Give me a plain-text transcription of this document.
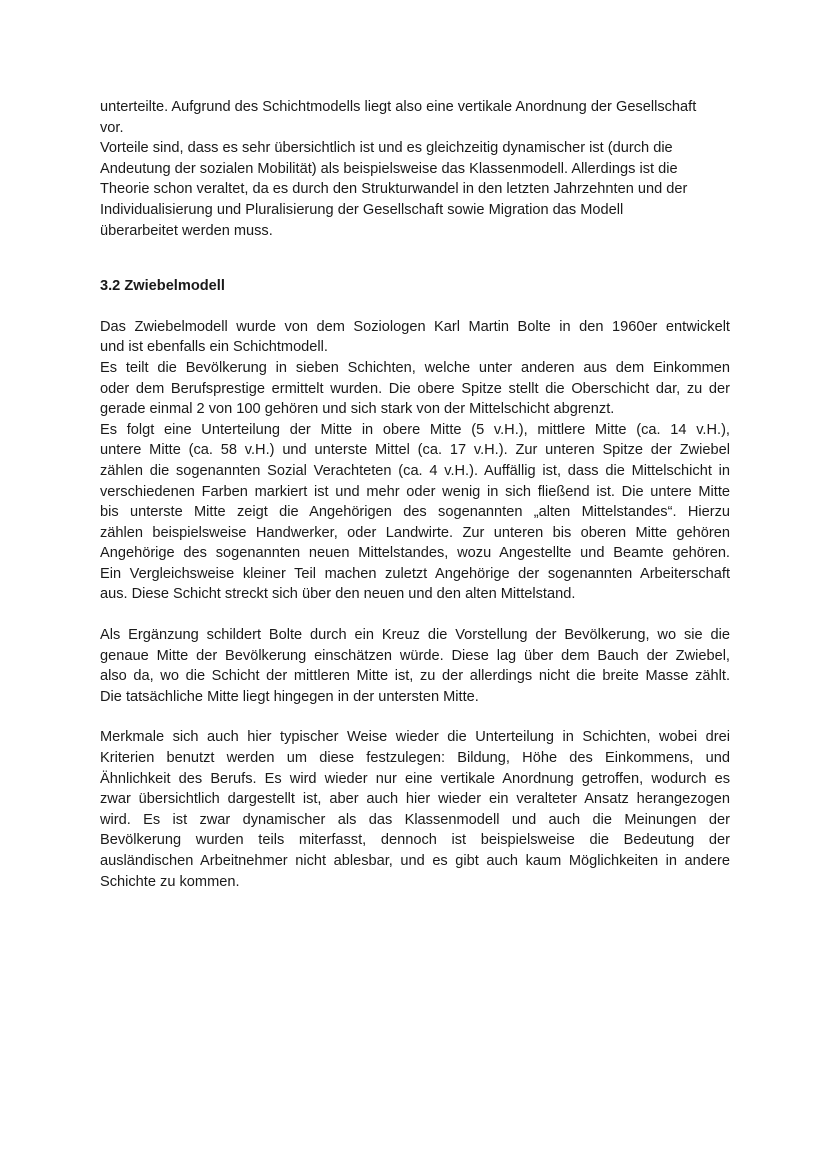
unterteilte. Aufgrund des Schichtmodells liegt also eine vertikale Anordnung der Gesellschaft
vor.
Vorteile sind, dass es sehr übersichtlich ist und es gleichzeitig dynamischer ist (durch die
Andeutung der sozialen Mobilität) als beispielsweise das Klassenmodell. Allerdings ist die
Theorie schon veraltet, da es durch den Strukturwandel in den letzten Jahrzehnten und der
Individualisierung und Pluralisierung der Gesellschaft sowie Migration das Modell
überarbeitet werden muss.
3.2 Zwiebelmodell
Das Zwiebelmodell wurde von dem Soziologen Karl Martin Bolte in den 1960er entwickelt
und ist ebenfalls ein Schichtmodell.
Es teilt die Bevölkerung in sieben Schichten, welche unter anderen aus dem Einkommen
oder dem Berufsprestige ermittelt wurden. Die obere Spitze stellt die Oberschicht dar, zu der
gerade einmal 2 von 100 gehören und sich stark von der Mittelschicht abgrenzt.
Es folgt eine Unterteilung der Mitte in obere Mitte (5 v.H.), mittlere Mitte (ca. 14 v.H.),
untere Mitte (ca. 58 v.H.) und unterste Mittel (ca. 17 v.H.). Zur unteren Spitze der Zwiebel
zählen die sogenannten Sozial Verachteten (ca. 4 v.H.). Auffällig ist, dass die Mittelschicht in
verschiedenen Farben markiert ist und mehr oder wenig in sich fließend ist. Die untere Mitte
bis unterste Mitte zeigt die Angehörigen des sogenannten „alten Mittelstandes“. Hierzu
zählen beispielsweise Handwerker, oder Landwirte. Zur unteren bis oberen Mitte gehören
Angehörige des sogenannten neuen Mittelstandes, wozu Angestellte und Beamte gehören.
Ein Vergleichsweise kleiner Teil machen zuletzt Angehörige der sogenannten Arbeiterschaft
aus. Diese Schicht streckt sich über den neuen und den alten Mittelstand.
Als Ergänzung schildert Bolte durch ein Kreuz die Vorstellung der Bevölkerung, wo sie die
genaue Mitte der Bevölkerung einschätzen würde. Diese lag über dem Bauch der Zwiebel,
also da, wo die Schicht der mittleren Mitte ist, zu der allerdings nicht die breite Masse zählt.
Die tatsächliche Mitte liegt hingegen in der untersten Mitte.
Merkmale sich auch hier typischer Weise wieder die Unterteilung in Schichten, wobei drei
Kriterien benutzt werden um diese festzulegen: Bildung, Höhe des Einkommens, und
Ähnlichkeit des Berufs. Es wird wieder nur eine vertikale Anordnung getroffen, wodurch es
zwar übersichtlich dargestellt ist, aber auch hier wieder ein veralteter Ansatz herangezogen
wird. Es ist zwar dynamischer als das Klassenmodell und auch die Meinungen der
Bevölkerung wurden teils miterfasst, dennoch ist beispielsweise die Bedeutung der
ausländischen Arbeitnehmer nicht ablesbar, und es gibt auch kaum Möglichkeiten in andere
Schichte zu kommen.
